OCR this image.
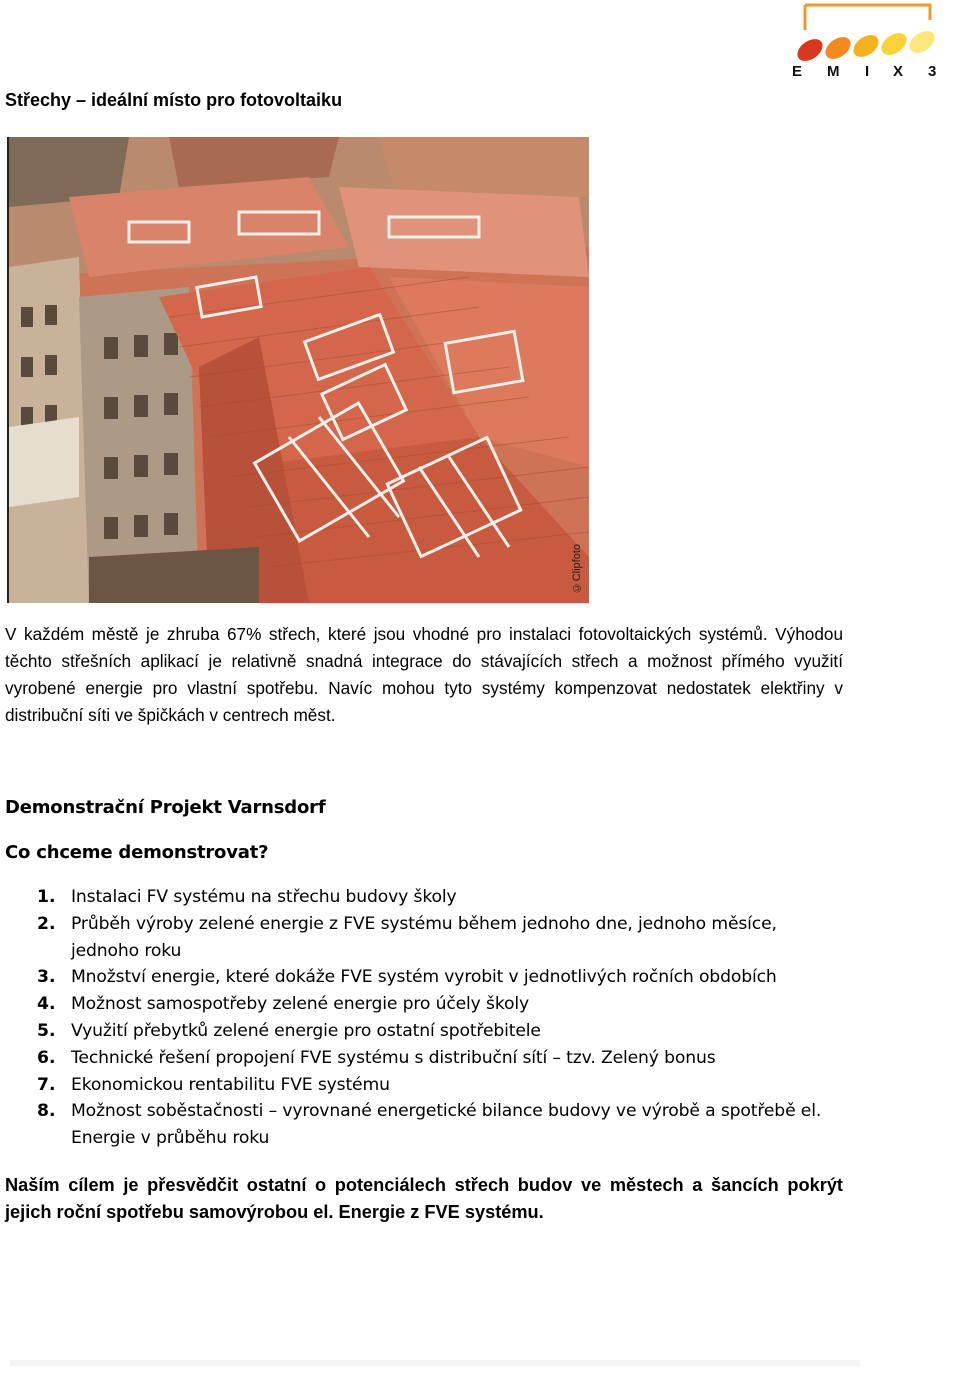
E M I X 3
Střechy – ideální místo pro fotovoltaiku
©Clipfoto

V každém městě je zhruba 67% střech, které jsou vhodné pro instalaci fotovoltaických systémů. Výhodou těchto střešních aplikací je relativně snadná integrace do stávajících střech a možnost přímého využití vyrobené energie pro vlastní spotřebu. Navíc mohou tyto systémy kompenzovat nedostatek elektřiny v distribuční síti ve špičkách v centrech měst.

Demonstrační Projekt Varnsdorf
Co chceme demonstrovat?
1. Instalaci FV systému na střechu budovy školy
2. Průběh výroby zelené energie z FVE systému během jednoho dne, jednoho měsíce, jednoho roku
3. Množství energie, které dokáže FVE systém vyrobit v jednotlivých ročních obdobích
4. Možnost samospotřeby zelené energie pro účely školy
5. Využití přebytků zelené energie pro ostatní spotřebitele
6. Technické řešení propojení FVE systému s distribuční sítí – tzv. Zelený bonus
7. Ekonomickou rentabilitu FVE systému
8. Možnost soběstačnosti – vyrovnané energetické bilance budovy ve výrobě a spotřebě el. Energie v průběhu roku

Naším cílem je přesvědčit ostatní o potenciálech střech budov ve městech a šancích pokrýt jejich roční spotřebu samovýrobou el. Energie z FVE systému.
